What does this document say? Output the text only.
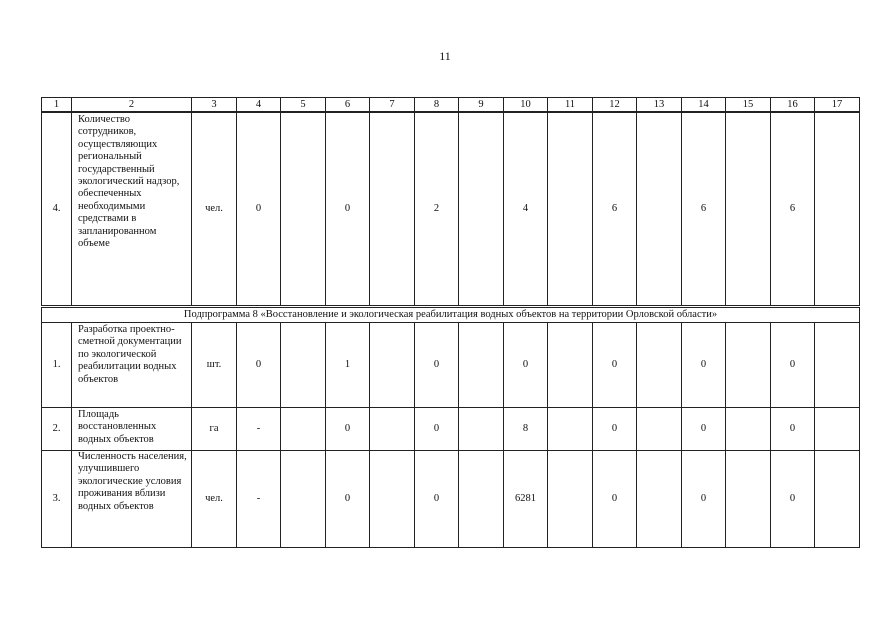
11
1	2	3	4	5	6	7	8	9	10	11	12	13	14	15	16	17
4.	Количество сотрудников, осуществляющих региональный государственный экологический надзор, обеспеченных необходимыми средствами в запланированном объеме	чел.	0		0		2		4		6		6		6	
Подпрограмма 8 «Восстановление и экологическая реабилитация водных объектов на территории Орловской области»																
1.	Разработка проектно-сметной документации по экологической реабилитации водных объектов	шт.	0		1		0		0		0		0		0	
2.	Площадь восстановленных водных объектов	га	-		0		0		8		0		0		0	
3.	Численность населения, улучшившего экологические условия проживания вблизи водных объектов	чел.	-		0		0		6281		0		0		0	
